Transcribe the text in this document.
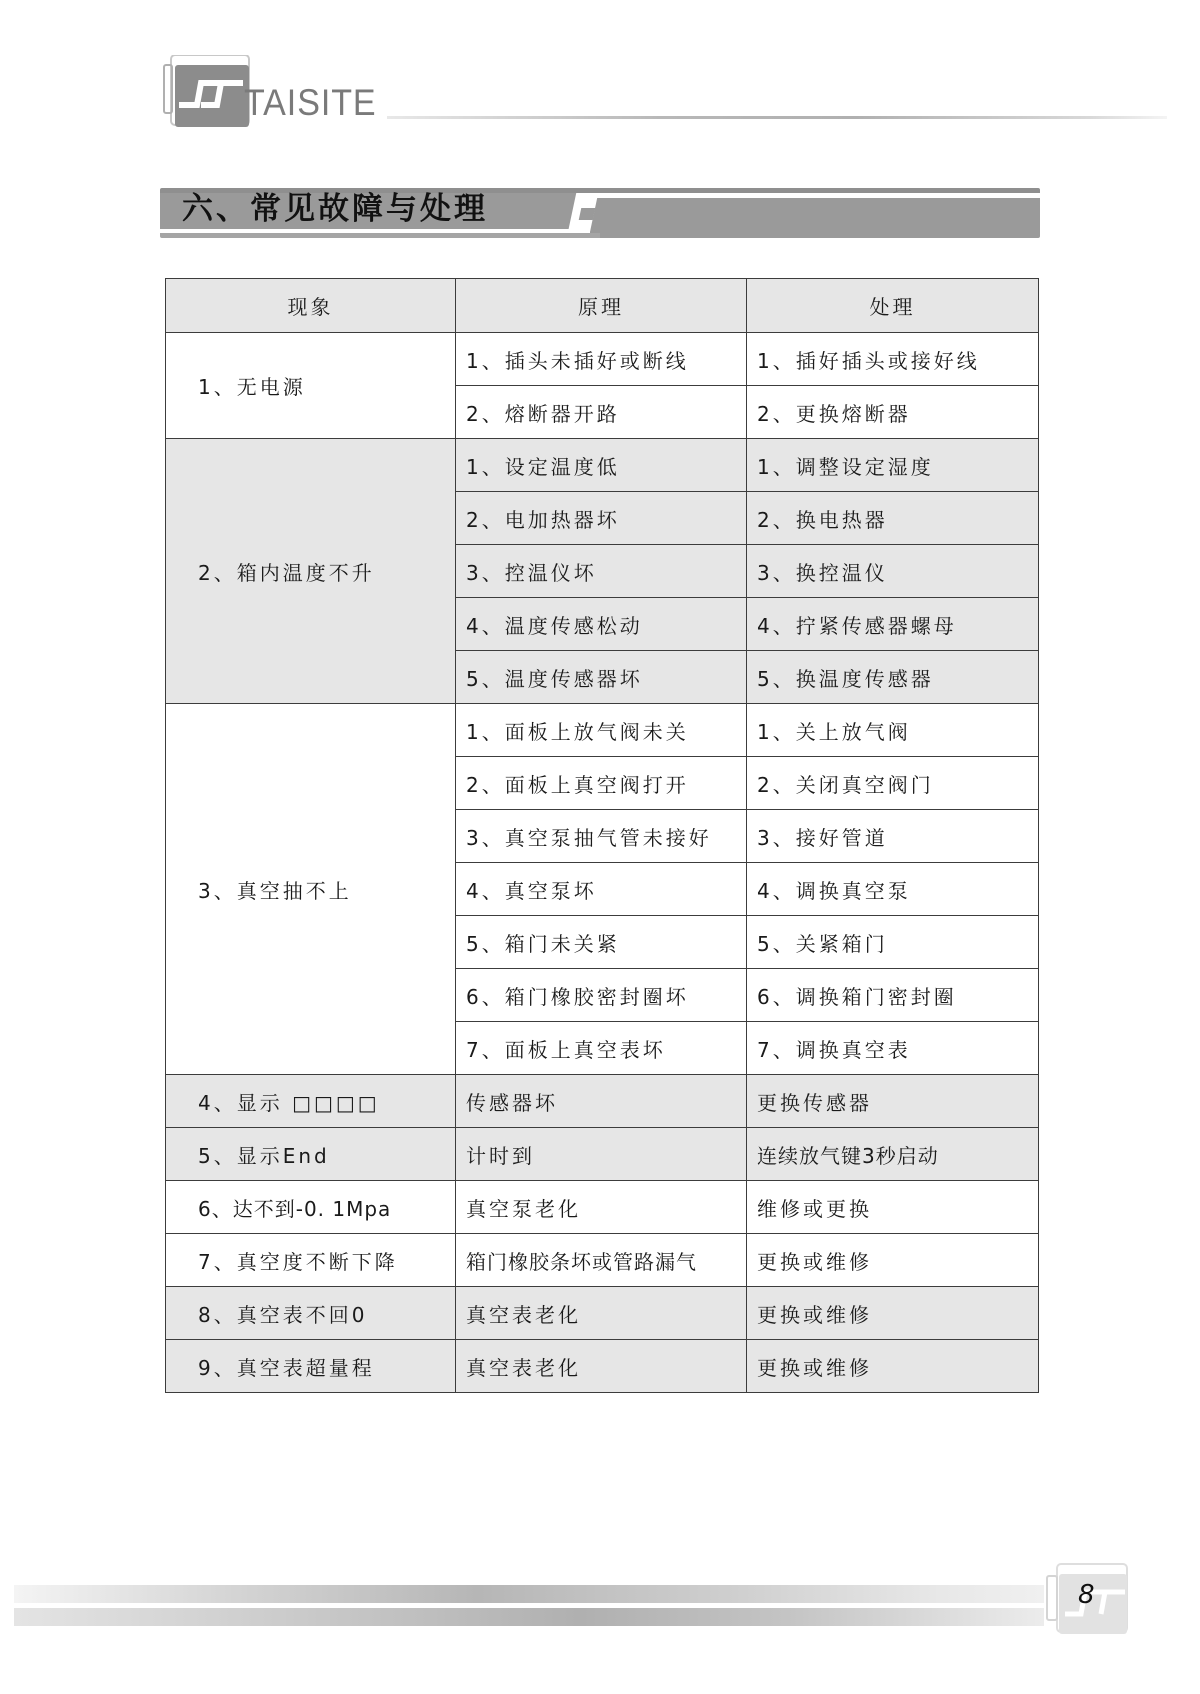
TAISITE
六、常见故障与处理
现象	原理	处理
1、无电源	1、插头未插好或断线	1、插好插头或接好线
	2、熔断器开路	2、更换熔断器
2、箱内温度不升	1、设定温度低	1、调整设定湿度
	2、电加热器坏	2、换电热器
	3、控温仪坏	3、换控温仪
	4、温度传感松动	4、拧紧传感器螺母
	5、温度传感器坏	5、换温度传感器
3、真空抽不上	1、面板上放气阀未关	1、关上放气阀
	2、面板上真空阀打开	2、关闭真空阀门
	3、真空泵抽气管未接好	3、接好管道
	4、真空泵坏	4、调换真空泵
	5、箱门未关紧	5、关紧箱门
	6、箱门橡胶密封圈坏	6、调换箱门密封圈
	7、面板上真空表坏	7、调换真空表
4、显示 □□□□	传感器坏	更换传感器
5、显示End	计时到	连续放气键3秒启动
6、达不到-0. 1Mpa	真空泵老化	维修或更换
7、真空度不断下降	箱门橡胶条坏或管路漏气	更换或维修
8、真空表不回0	真空表老化	更换或维修
9、真空表超量程	真空表老化	更换或维修
8
